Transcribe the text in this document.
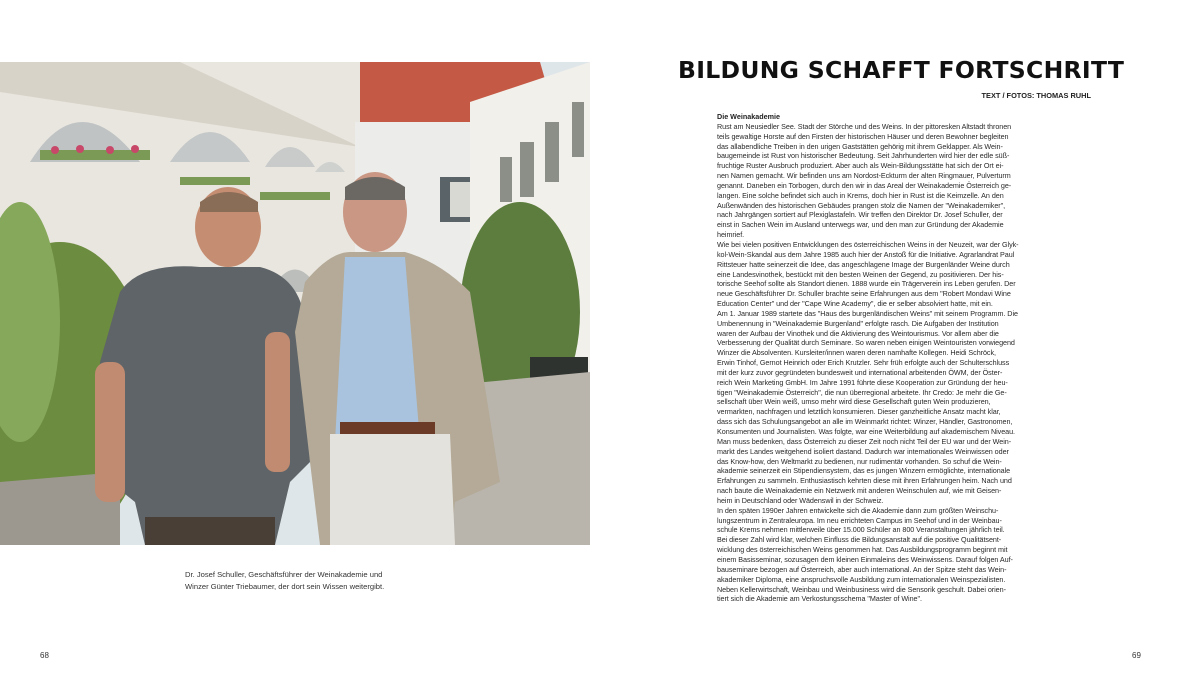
Dr. Josef Schuller, Geschäftsführer der Weinakademie und
Winzer Günter Triebaumer, der dort sein Wissen weitergibt.
68
BILDUNG SCHAFFT FORTSCHRITT
TEXT / FOTOS: THOMAS RUHL
Die Weinakademie
Rust am Neusiedler See. Stadt der Störche und des Weins. In der pittoresken Altstadt thronen
teils gewaltige Horste auf den Firsten der historischen Häuser und deren Bewohner begleiten
das allabendliche Treiben in den urigen Gaststätten gehörig mit ihrem Geklapper. Als Wein-
baugemeinde ist Rust von historischer Bedeutung. Seit Jahrhunderten wird hier der edle süß-
fruchtige Ruster Ausbruch produziert. Aber auch als Wein-Bildungsstätte hat sich der Ort ei-
nen Namen gemacht. Wir befinden uns am Nordost-Eckturm der alten Ringmauer, Pulverturm
genannt. Daneben ein Torbogen, durch den wir in das Areal der Weinakademie Österreich ge-
langen. Eine solche befindet sich auch in Krems, doch hier in Rust ist die Keimzelle. An den
Außenwänden des historischen Gebäudes prangen stolz die Namen der "Weinakademiker",
nach Jahrgängen sortiert auf Plexiglastafeln. Wir treffen den Direktor Dr. Josef Schuller, der
einst in Sachen Wein im Ausland unterwegs war, und den man zur Gründung der Akademie
heimrief.
Wie bei vielen positiven Entwicklungen des österreichischen Weins in der Neuzeit, war der Glyk-
kol-Wein-Skandal aus dem Jahre 1985 auch hier der Anstoß für die Initiative. Agrarlandrat Paul
Rittsteuer hatte seinerzeit die Idee, das angeschlagene Image der Burgenländer Weine durch
eine Landesvinothek, bestückt mit den besten Weinen der Gegend, zu positivieren. Der his-
torische Seehof sollte als Standort dienen. 1888 wurde ein Trägerverein ins Leben gerufen. Der
neue Geschäftsführer Dr. Schuller brachte seine Erfahrungen aus dem "Robert Mondavi Wine
Education Center" und der "Cape Wine Academy", die er selber absolviert hatte, mit ein.
Am 1. Januar 1989 startete das "Haus des burgenländischen Weins" mit seinem Programm. Die
Umbenennung in "Weinakademie Burgenland" erfolgte rasch. Die Aufgaben der Institution
waren der Aufbau der Vinothek und die Aktivierung des Weintourismus. Vor allem aber die
Verbesserung der Qualität durch Seminare. So waren neben einigen Weintouristen vorwiegend
Winzer die Absolventen. Kursleiter/innen waren deren namhafte Kollegen. Heidi Schröck,
Erwin Tinhof, Gernot Heinrich oder Erich Krutzler. Sehr früh erfolgte auch der Schulterschluss
mit der kurz zuvor gegründeten bundesweit und international arbeitenden ÖWM, der Öster-
reich Wein Marketing GmbH. Im Jahre 1991 führte diese Kooperation zur Gründung der heu-
tigen "Weinakademie Österreich", die nun überregional arbeitete. Ihr Credo: Je mehr die Ge-
sellschaft über Wein weiß, umso mehr wird diese Gesellschaft guten Wein produzieren,
vermarkten, nachfragen und letztlich konsumieren. Dieser ganzheitliche Ansatz macht klar,
dass sich das Schulungsangebot an alle im Weinmarkt richtet: Winzer, Händler, Gastronomen,
Konsumenten und Journalisten. Was folgte, war eine Weiterbildung auf akademischem Niveau.
Man muss bedenken, dass Österreich zu dieser Zeit noch nicht Teil der EU war und der Wein-
markt des Landes weitgehend isoliert dastand. Dadurch war internationales Weinwissen oder
das Know-how, den Weltmarkt zu bedienen, nur rudimentär vorhanden. So schuf die Wein-
akademie seinerzeit ein Stipendiensystem, das es jungen Winzern ermöglichte, internationale
Erfahrungen zu sammeln. Enthusiastisch kehrten diese mit ihren Erfahrungen heim. Nach und
nach baute die Weinakademie ein Netzwerk mit anderen Weinschulen auf, wie mit Geisen-
heim in Deutschland oder Wädenswil in der Schweiz.
In den späten 1990er Jahren entwickelte sich die Akademie dann zum größten Weinschu-
lungszentrum in Zentraleuropa. Im neu errichteten Campus im Seehof und in der Weinbau-
schule Krems nehmen mittlerweile über 15.000 Schüler an 800 Veranstaltungen jährlich teil.
Bei dieser Zahl wird klar, welchen Einfluss die Bildungsanstalt auf die positive Qualitätsent-
wicklung des österreichischen Weins genommen hat. Das Ausbildungsprogramm beginnt mit
einem Basisseminar, sozusagen dem kleinen Einmaleins des Weinwissens. Darauf folgen Auf-
bauseminare bezogen auf Österreich, aber auch international. An der Spitze steht das Wein-
akademiker Diploma, eine anspruchsvolle Ausbildung zum internationalen Weinspezialisten.
Neben Kellerwirtschaft, Weinbau und Weinbusiness wird die Sensorik geschult. Dabei orien-
tiert sich die Akademie am Verkostungsschema "Master of Wine".
69
